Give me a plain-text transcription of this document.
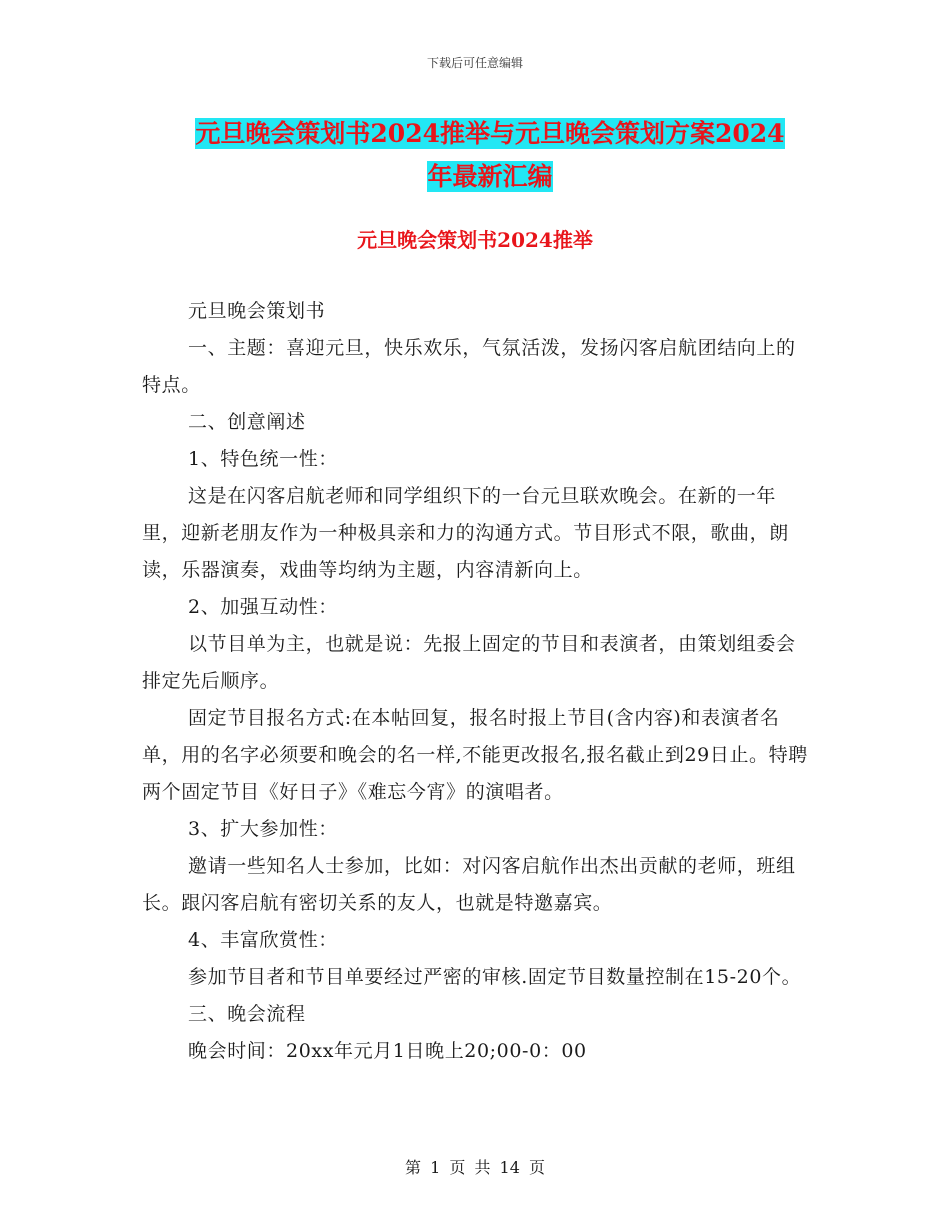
下载后可任意编辑
元旦晚会策划书2024推举与元旦晚会策划方案2024
年最新汇编
元旦晚会策划书2024推举

元旦晚会策划书

一、主题：喜迎元旦，快乐欢乐，气氛活泼，发扬闪客启航团结向上的特点。

二、创意阐述

1、特色统一性：

这是在闪客启航老师和同学组织下的一台元旦联欢晚会。在新的一年里，迎新老朋友作为一种极具亲和力的沟通方式。节目形式不限，歌曲，朗读，乐器演奏，戏曲等均纳为主题，内容清新向上。

2、加强互动性：

以节目单为主，也就是说：先报上固定的节目和表演者，由策划组委会排定先后顺序。

固定节目报名方式:在本帖回复，报名时报上节目(含内容)和表演者名单，用的名字必须要和晚会的名一样,不能更改报名,报名截止到29日止。特聘两个固定节目《好日子》《难忘今宵》的演唱者。

3、扩大参加性：

邀请一些知名人士参加，比如：对闪客启航作出杰出贡献的老师，班组长。跟闪客启航有密切关系的友人，也就是特邀嘉宾。

4、丰富欣赏性：

参加节目者和节目单要经过严密的审核.固定节目数量控制在15-20个。

三、晚会流程

晚会时间：20xx年元月1日晚上20;00-0：00

第 1 页 共 14 页
